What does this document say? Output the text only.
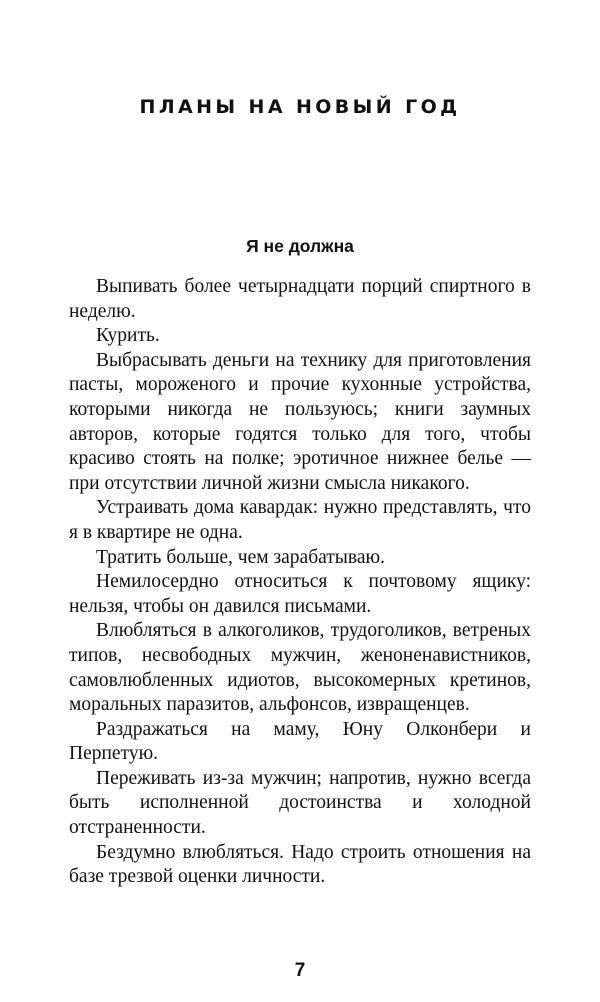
ПЛАНЫ НА НОВЫЙ ГОД
Я не должна

Выпивать более четырнадцати порций спиртного в неделю.

Курить.

Выбрасывать деньги на технику для приготовления пасты, мороженого и прочие кухонные устройства, которыми никогда не пользуюсь; книги заумных авторов, которые годятся только для того, чтобы красиво стоять на полке; эротичное нижнее белье — при отсутствии личной жизни смысла никакого.

Устраивать дома кавардак: нужно представлять, что я в квартире не одна.

Тратить больше, чем зарабатываю.

Немилосердно относиться к почтовому ящику: нельзя, чтобы он давился письмами.

Влюбляться в алкоголиков, трудоголиков, ветреных типов, несвободных мужчин, женоненавистников, самовлюбленных идиотов, высокомерных кретинов, моральных паразитов, альфонсов, извращенцев.

Раздражаться на маму, Юну Олконбери и Перпетую.

Переживать из-за мужчин; напротив, нужно всегда быть исполненной достоинства и холодной отстраненности.

Бездумно влюбляться. Надо строить отношения на базе трезвой оценки личности.

7
